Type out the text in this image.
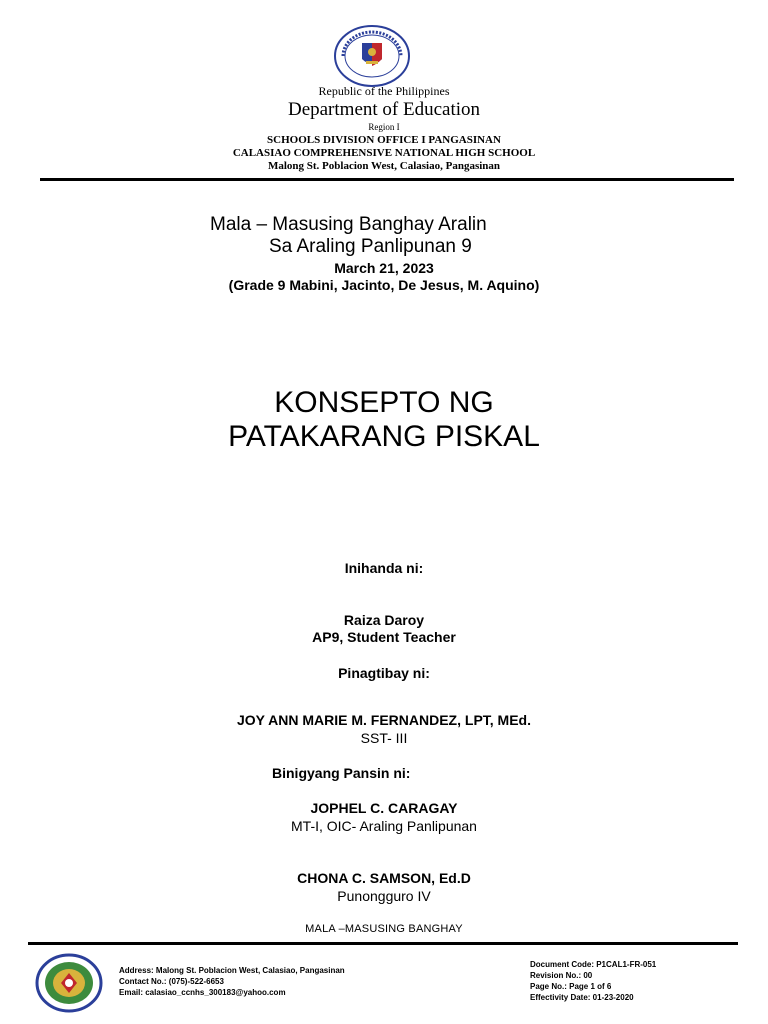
Republic of the Philippines
Department of Education
Region I
SCHOOLS DIVISION OFFICE I PANGASINAN
CALASIAO COMPREHENSIVE NATIONAL HIGH SCHOOL
Malong St. Poblacion West, Calasiao, Pangasinan
Mala – Masusing Banghay Aralin
Sa Araling Panlipunan 9
March 21, 2023
(Grade 9 Mabini, Jacinto, De Jesus, M. Aquino)
KONSEPTO NG
PATAKARANG PISKAL
Inihanda ni:
Raiza Daroy
AP9, Student Teacher
Pinagtibay ni:
JOY ANN MARIE M. FERNANDEZ, LPT, MEd.
SST- III
Binigyang Pansin ni:
JOPHEL C. CARAGAY
MT-I, OIC- Araling Panlipunan
CHONA C. SAMSON, Ed.D
Punongguro IV
MALA –MASUSING BANGHAY
Address: Malong St. Poblacion West, Calasiao, Pangasinan
Contact No.: (075)-522-6653
Email: calasiao_ccnhs_300183@yahoo.com
Document Code: P1CAL1-FR-051
Revision No.: 00
Page No.: Page 1 of 6
Effectivity Date: 01-23-2020
